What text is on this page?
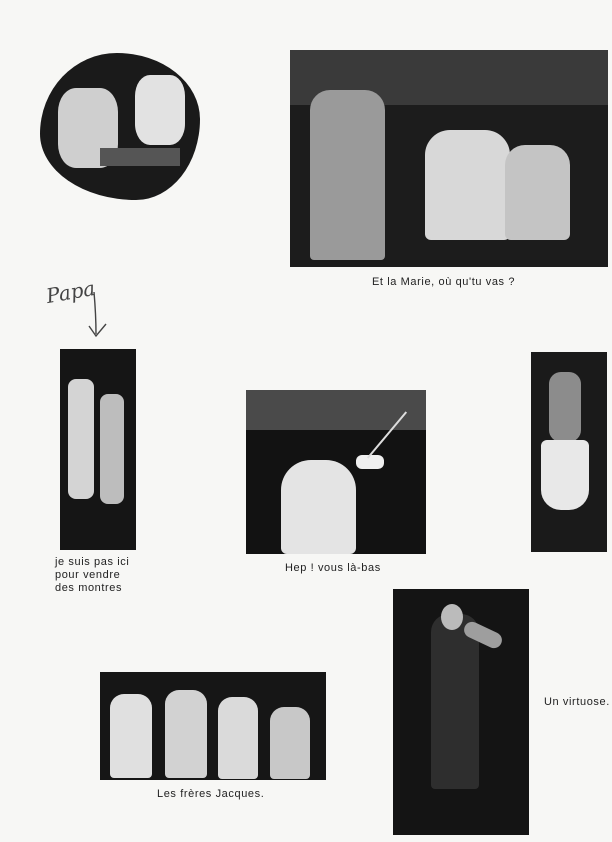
Et la Marie, où qu'tu vas ?
Papa
je suis pas ici
pour vendre
des montres
Hep ! vous là-bas
Un virtuose.
Les frères Jacques.
